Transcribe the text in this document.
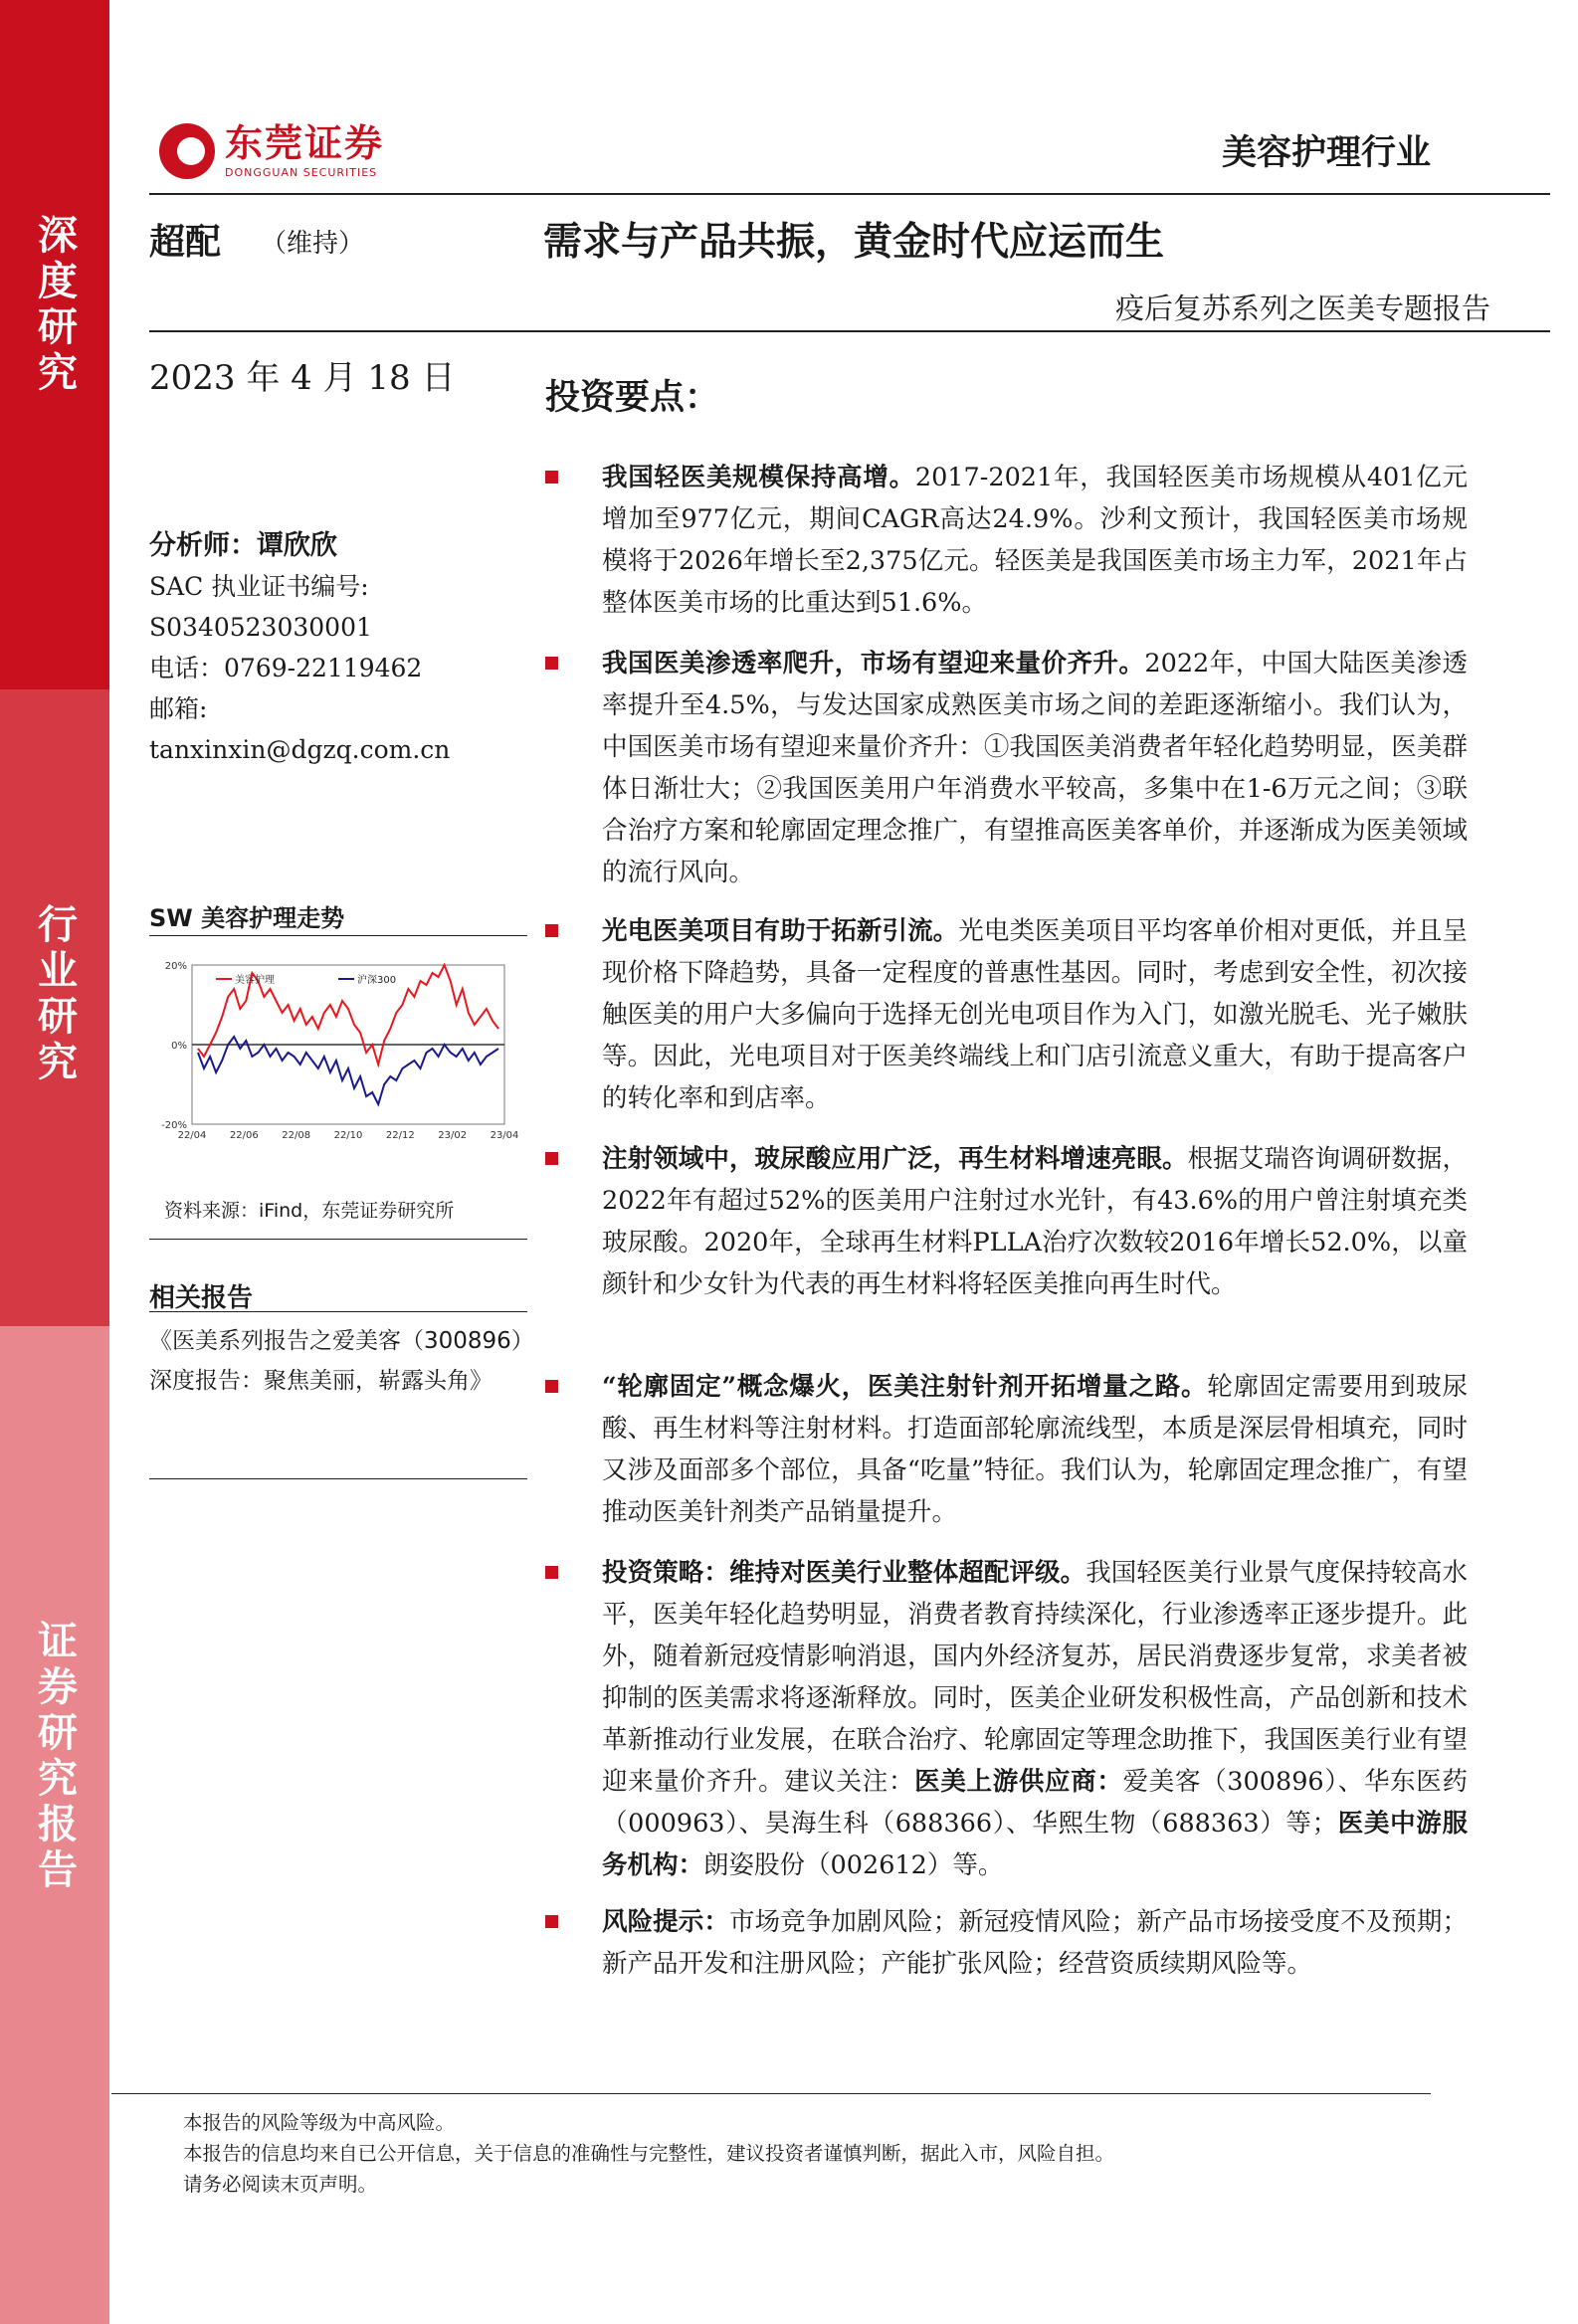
深度研究
行业研究
证券研究报告
东莞证券
DONGGUAN SECURITIES	美容护理行业
超配 （维持）	需求与产品共振，黄金时代应运而生
疫后复苏系列之医美专题报告
2023 年 4 月 18 日	投资要点：
分析师：谭欣欣
SAC 执业证书编号:
S0340523030001
电话：0769-22119462
邮箱:
tanxinxin@dgzq.com.cn
SW 美容护理走势
20%
0%
-20%
22/04 22/06 22/08 22/10 22/12 23/02 23/04
美容护理	沪深300
资料来源：iFind，东莞证券研究所
相关报告
《医美系列报告之爱美客（300896）
深度报告：聚焦美丽，崭露头角》
我国轻医美规模保持高增。2017-2021年，我国轻医美市场规模从401亿元增加至977亿元，期间CAGR高达24.9%。沙利文预计，我国轻医美市场规模将于2026年增长至2,375亿元。轻医美是我国医美市场主力军，2021年占整体医美市场的比重达到51.6%。
我国医美渗透率爬升，市场有望迎来量价齐升。2022年，中国大陆医美渗透率提升至4.5%，与发达国家成熟医美市场之间的差距逐渐缩小。我们认为，中国医美市场有望迎来量价齐升：①我国医美消费者年轻化趋势明显，医美群体日渐壮大；②我国医美用户年消费水平较高，多集中在1-6万元之间；③联合治疗方案和轮廓固定理念推广，有望推高医美客单价，并逐渐成为医美领域的流行风向。
光电医美项目有助于拓新引流。光电类医美项目平均客单价相对更低，并且呈现价格下降趋势，具备一定程度的普惠性基因。同时，考虑到安全性，初次接触医美的用户大多偏向于选择无创光电项目作为入门，如激光脱毛、光子嫩肤等。因此，光电项目对于医美终端线上和门店引流意义重大，有助于提高客户的转化率和到店率。
注射领域中，玻尿酸应用广泛，再生材料增速亮眼。根据艾瑞咨询调研数据，2022年有超过52%的医美用户注射过水光针，有43.6%的用户曾注射填充类玻尿酸。2020年，全球再生材料PLLA治疗次数较2016年增长52.0%，以童颜针和少女针为代表的再生材料将轻医美推向再生时代。
“轮廓固定”概念爆火，医美注射针剂开拓增量之路。轮廓固定需要用到玻尿酸、再生材料等注射材料。打造面部轮廓流线型，本质是深层骨相填充，同时又涉及面部多个部位，具备“吃量”特征。我们认为，轮廓固定理念推广，有望推动医美针剂类产品销量提升。
投资策略：维持对医美行业整体超配评级。我国轻医美行业景气度保持较高水平，医美年轻化趋势明显，消费者教育持续深化，行业渗透率正逐步提升。此外，随着新冠疫情影响消退，国内外经济复苏，居民消费逐步复常，求美者被抑制的医美需求将逐渐释放。同时，医美企业研发积极性高，产品创新和技术革新推动行业发展，在联合治疗、轮廓固定等理念助推下，我国医美行业有望迎来量价齐升。建议关注：医美上游供应商：爱美客（300896）、华东医药（000963）、昊海生科（688366）、华熙生物（688363）等；医美中游服务机构：朗姿股份（002612）等。
风险提示：市场竞争加剧风险；新冠疫情风险；新产品市场接受度不及预期；新产品开发和注册风险；产能扩张风险；经营资质续期风险等。
本报告的风险等级为中高风险。
本报告的信息均来自已公开信息，关于信息的准确性与完整性，建议投资者谨慎判断，据此入市，风险自担。
请务必阅读末页声明。
